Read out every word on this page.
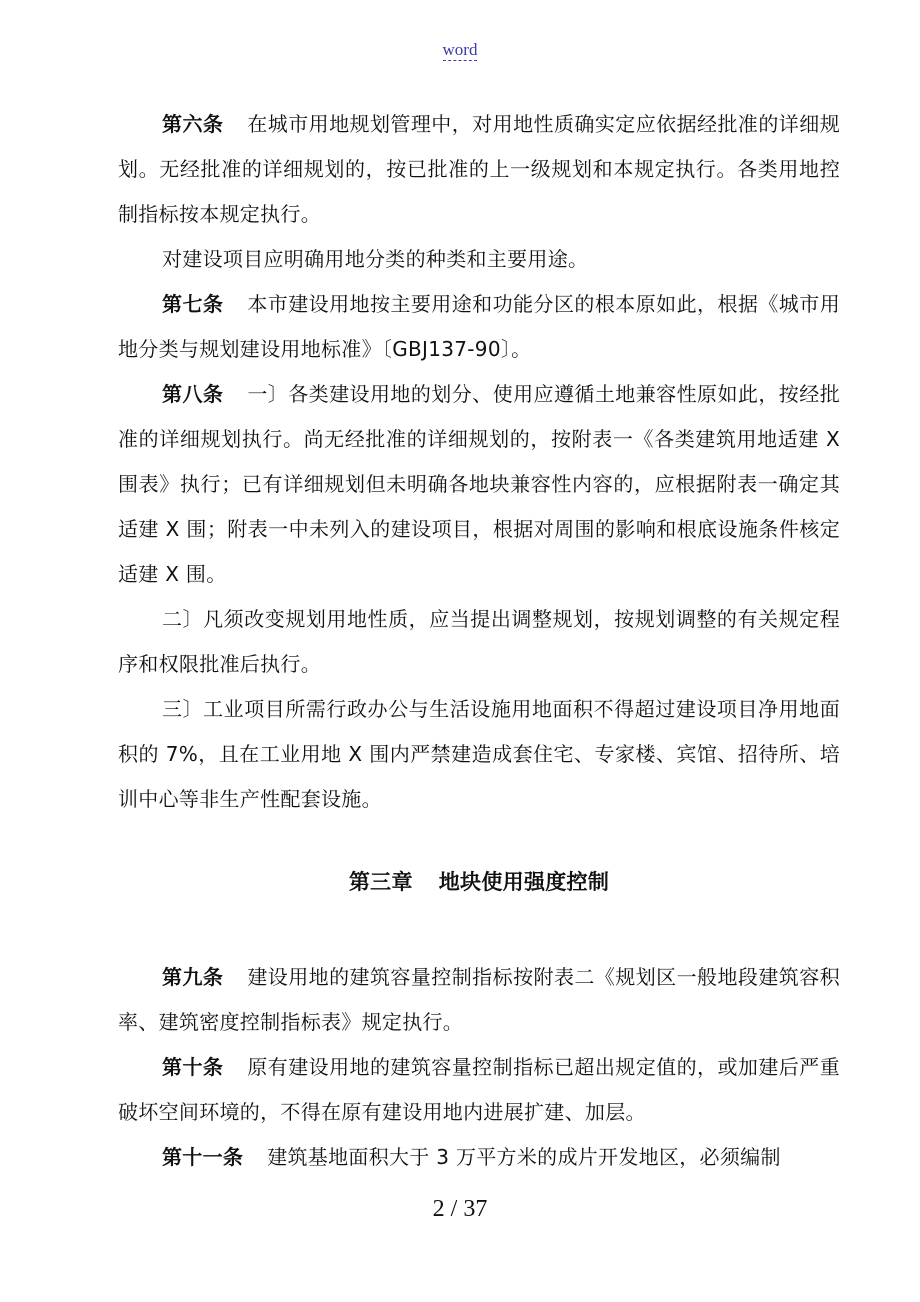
word

第六条 在城市用地规划管理中，对用地性质确实定应依据经批准的详细规划。无经批准的详细规划的，按已批准的上一级规划和本规定执行。各类用地控制指标按本规定执行。

对建设项目应明确用地分类的种类和主要用途。

第七条 本市建设用地按主要用途和功能分区的根本原如此，根据《城市用地分类与规划建设用地标准》〔GBJ137-90〕。

第八条 一〕各类建设用地的划分、使用应遵循土地兼容性原如此，按经批准的详细规划执行。尚无经批准的详细规划的，按附表一《各类建筑用地适建 X 围表》执行；已有详细规划但未明确各地块兼容性内容的，应根据附表一确定其适建 X 围；附表一中未列入的建设项目，根据对周围的影响和根底设施条件核定适建 X 围。

二〕凡须改变规划用地性质，应当提出调整规划，按规划调整的有关规定程序和权限批准后执行。

三〕工业项目所需行政办公与生活设施用地面积不得超过建设项目净用地面积的 7%，且在工业用地 X 围内严禁建造成套住宅、专家楼、宾馆、招待所、培训中心等非生产性配套设施。

第三章 地块使用强度控制

第九条 建设用地的建筑容量控制指标按附表二《规划区一般地段建筑容积率、建筑密度控制指标表》规定执行。

第十条 原有建设用地的建筑容量控制指标已超出规定值的，或加建后严重破坏空间环境的，不得在原有建设用地内进展扩建、加层。

第十一条 建筑基地面积大于 3 万平方米的成片开发地区，必须编制

2 / 37
